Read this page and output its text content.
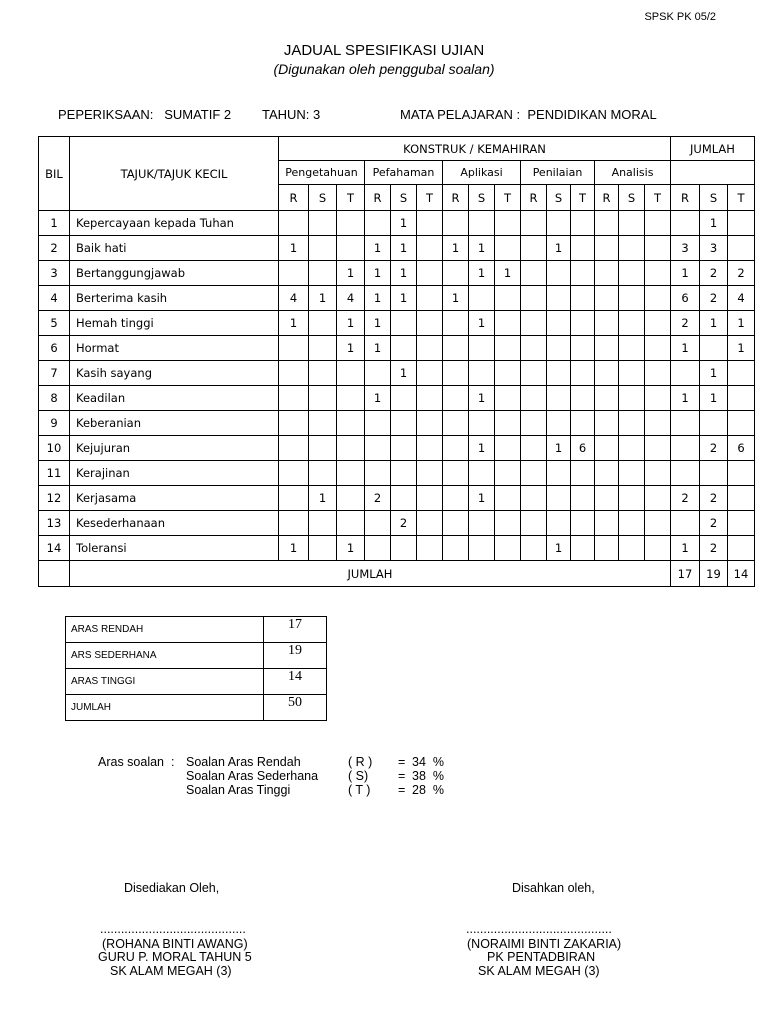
SPSK PK 05/2
JADUAL SPESIFIKASI UJIAN
(Digunakan oleh penggubal soalan)
PEPERIKSAAN:   SUMATIF 2 TAHUN: 3	MATA PELAJARAN :  PENDIDIKAN MORAL
BIL	TAJUK/TAJUK KECIL	KONSTRUK / KEMAHIRAN															JUMLAH		
		Pengetahuan			Pefahaman			Aplikasi			Penilaian			Analisis					
		R	S	T	R	S	T	R	S	T	R	S	T	R	S	T	R	S	T
1	Kepercayaan kepada Tuhan					1												1	
2	Baik hati	1			1	1		1	1			1					3	3	
3	Bertanggungjawab			1	1	1			1	1							1	2	2
4	Berterima kasih	4	1	4	1	1		1									6	2	4
5	Hemah tinggi	1		1	1				1								2	1	1
6	Hormat			1	1												1		1
7	Kasih sayang					1												1	
8	Keadilan				1				1								1	1	
9	Keberanian																		
10	Kejujuran								1			1	6					2	6
11	Kerajinan																		
12	Kerjasama		1		2				1								2	2	
13	Kesederhanaan					2												2	
14	Toleransi	1		1								1					1	2	
	JUMLAH																17	19	14
ARAS RENDAH	17
ARS SEDERHANA	19
ARAS TINGGI	14
JUMLAH	50
Aras soalan  : Soalan Aras Rendah	( R ) = 34  %
Soalan Aras Sederhana ( S) = 38  %
Soalan Aras Tinggi	( T ) = 28  %
Disediakan Oleh,
..........................................
(ROHANA BINTI AWANG)
GURU P. MORAL TAHUN 5
SK ALAM MEGAH (3)
Disahkan oleh,
..........................................
(NORAIMI BINTI ZAKARIA)
PK PENTADBIRAN
SK ALAM MEGAH (3)
